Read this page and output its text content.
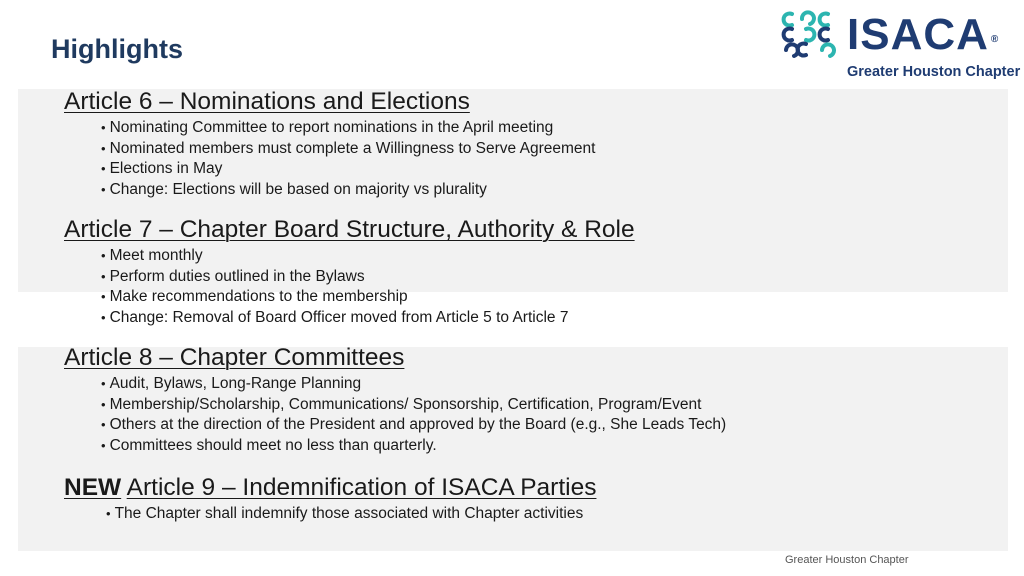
Highlights	ISACA ®
Greater Houston Chapter
Article 6 – Nominations and Elections
• Nominating Committee to report nominations in the April meeting
• Nominated members must complete a Willingness to Serve Agreement
• Elections in May
• Change: Elections will be based on majority vs plurality
Article 7 – Chapter Board Structure, Authority & Role
• Meet monthly
• Perform duties outlined in the Bylaws
• Make recommendations to the membership
• Change: Removal of Board Officer moved from Article 5 to Article 7
Article 8 – Chapter Committees
• Audit, Bylaws, Long-Range Planning
• Membership/Scholarship, Communications/ Sponsorship, Certification, Program/Event
• Others at the direction of the President and approved by the Board (e.g., She Leads Tech)
• Committees should meet no less than quarterly.
NEW Article 9 – Indemnification of ISACA Parties
• The Chapter shall indemnify those associated with Chapter activities
Greater Houston Chapter
